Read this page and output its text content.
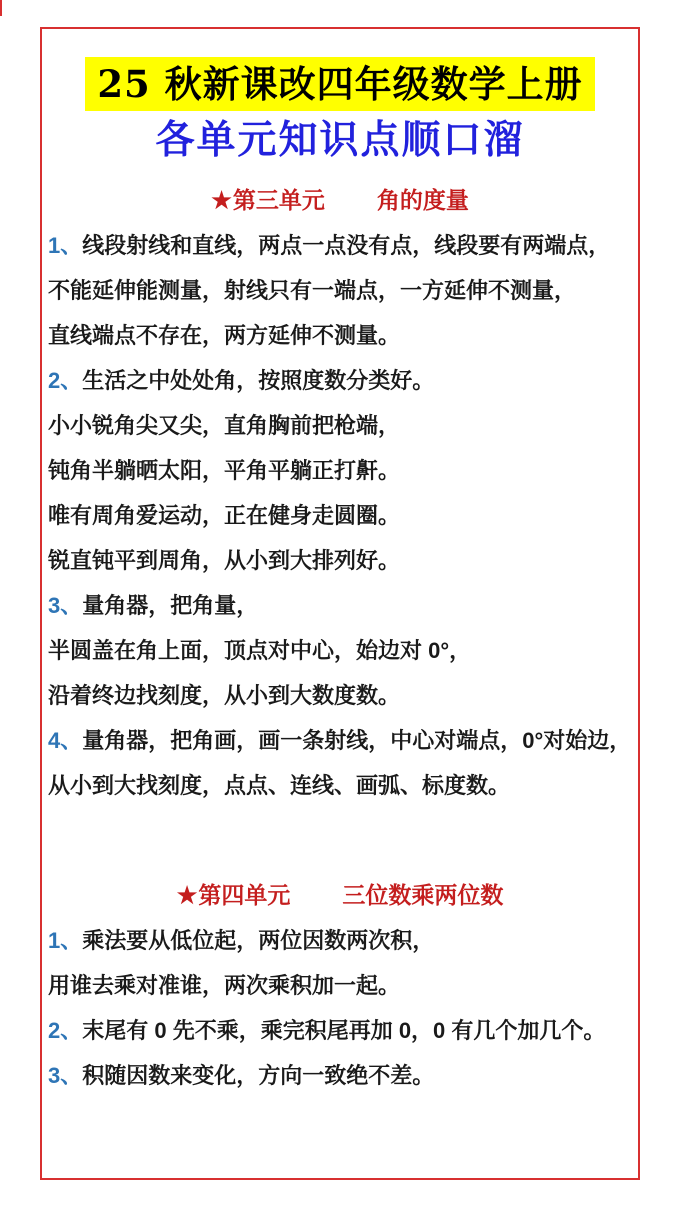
25 秋新课改四年级数学上册
各单元知识点顺口溜
★第三单元 角的度量

1、线段射线和直线，两点一点没有点，线段要有两端点，

不能延伸能测量，射线只有一端点，一方延伸不测量，

直线端点不存在，两方延伸不测量。

2、生活之中处处角，按照度数分类好。

小小锐角尖又尖，直角胸前把枪端，

钝角半躺晒太阳，平角平躺正打鼾。

唯有周角爱运动，正在健身走圆圈。

锐直钝平到周角，从小到大排列好。

3、量角器，把角量，

半圆盖在角上面，顶点对中心，始边对 0°，

沿着终边找刻度，从小到大数度数。

4、量角器，把角画，画一条射线，中心对端点，0°对始边，

从小到大找刻度，点点、连线、画弧、标度数。

★第四单元 三位数乘两位数

1、乘法要从低位起，两位因数两次积，

用谁去乘对准谁，两次乘积加一起。

2、末尾有 0 先不乘，乘完积尾再加 0，0 有几个加几个。

3、积随因数来变化，方向一致绝不差。
